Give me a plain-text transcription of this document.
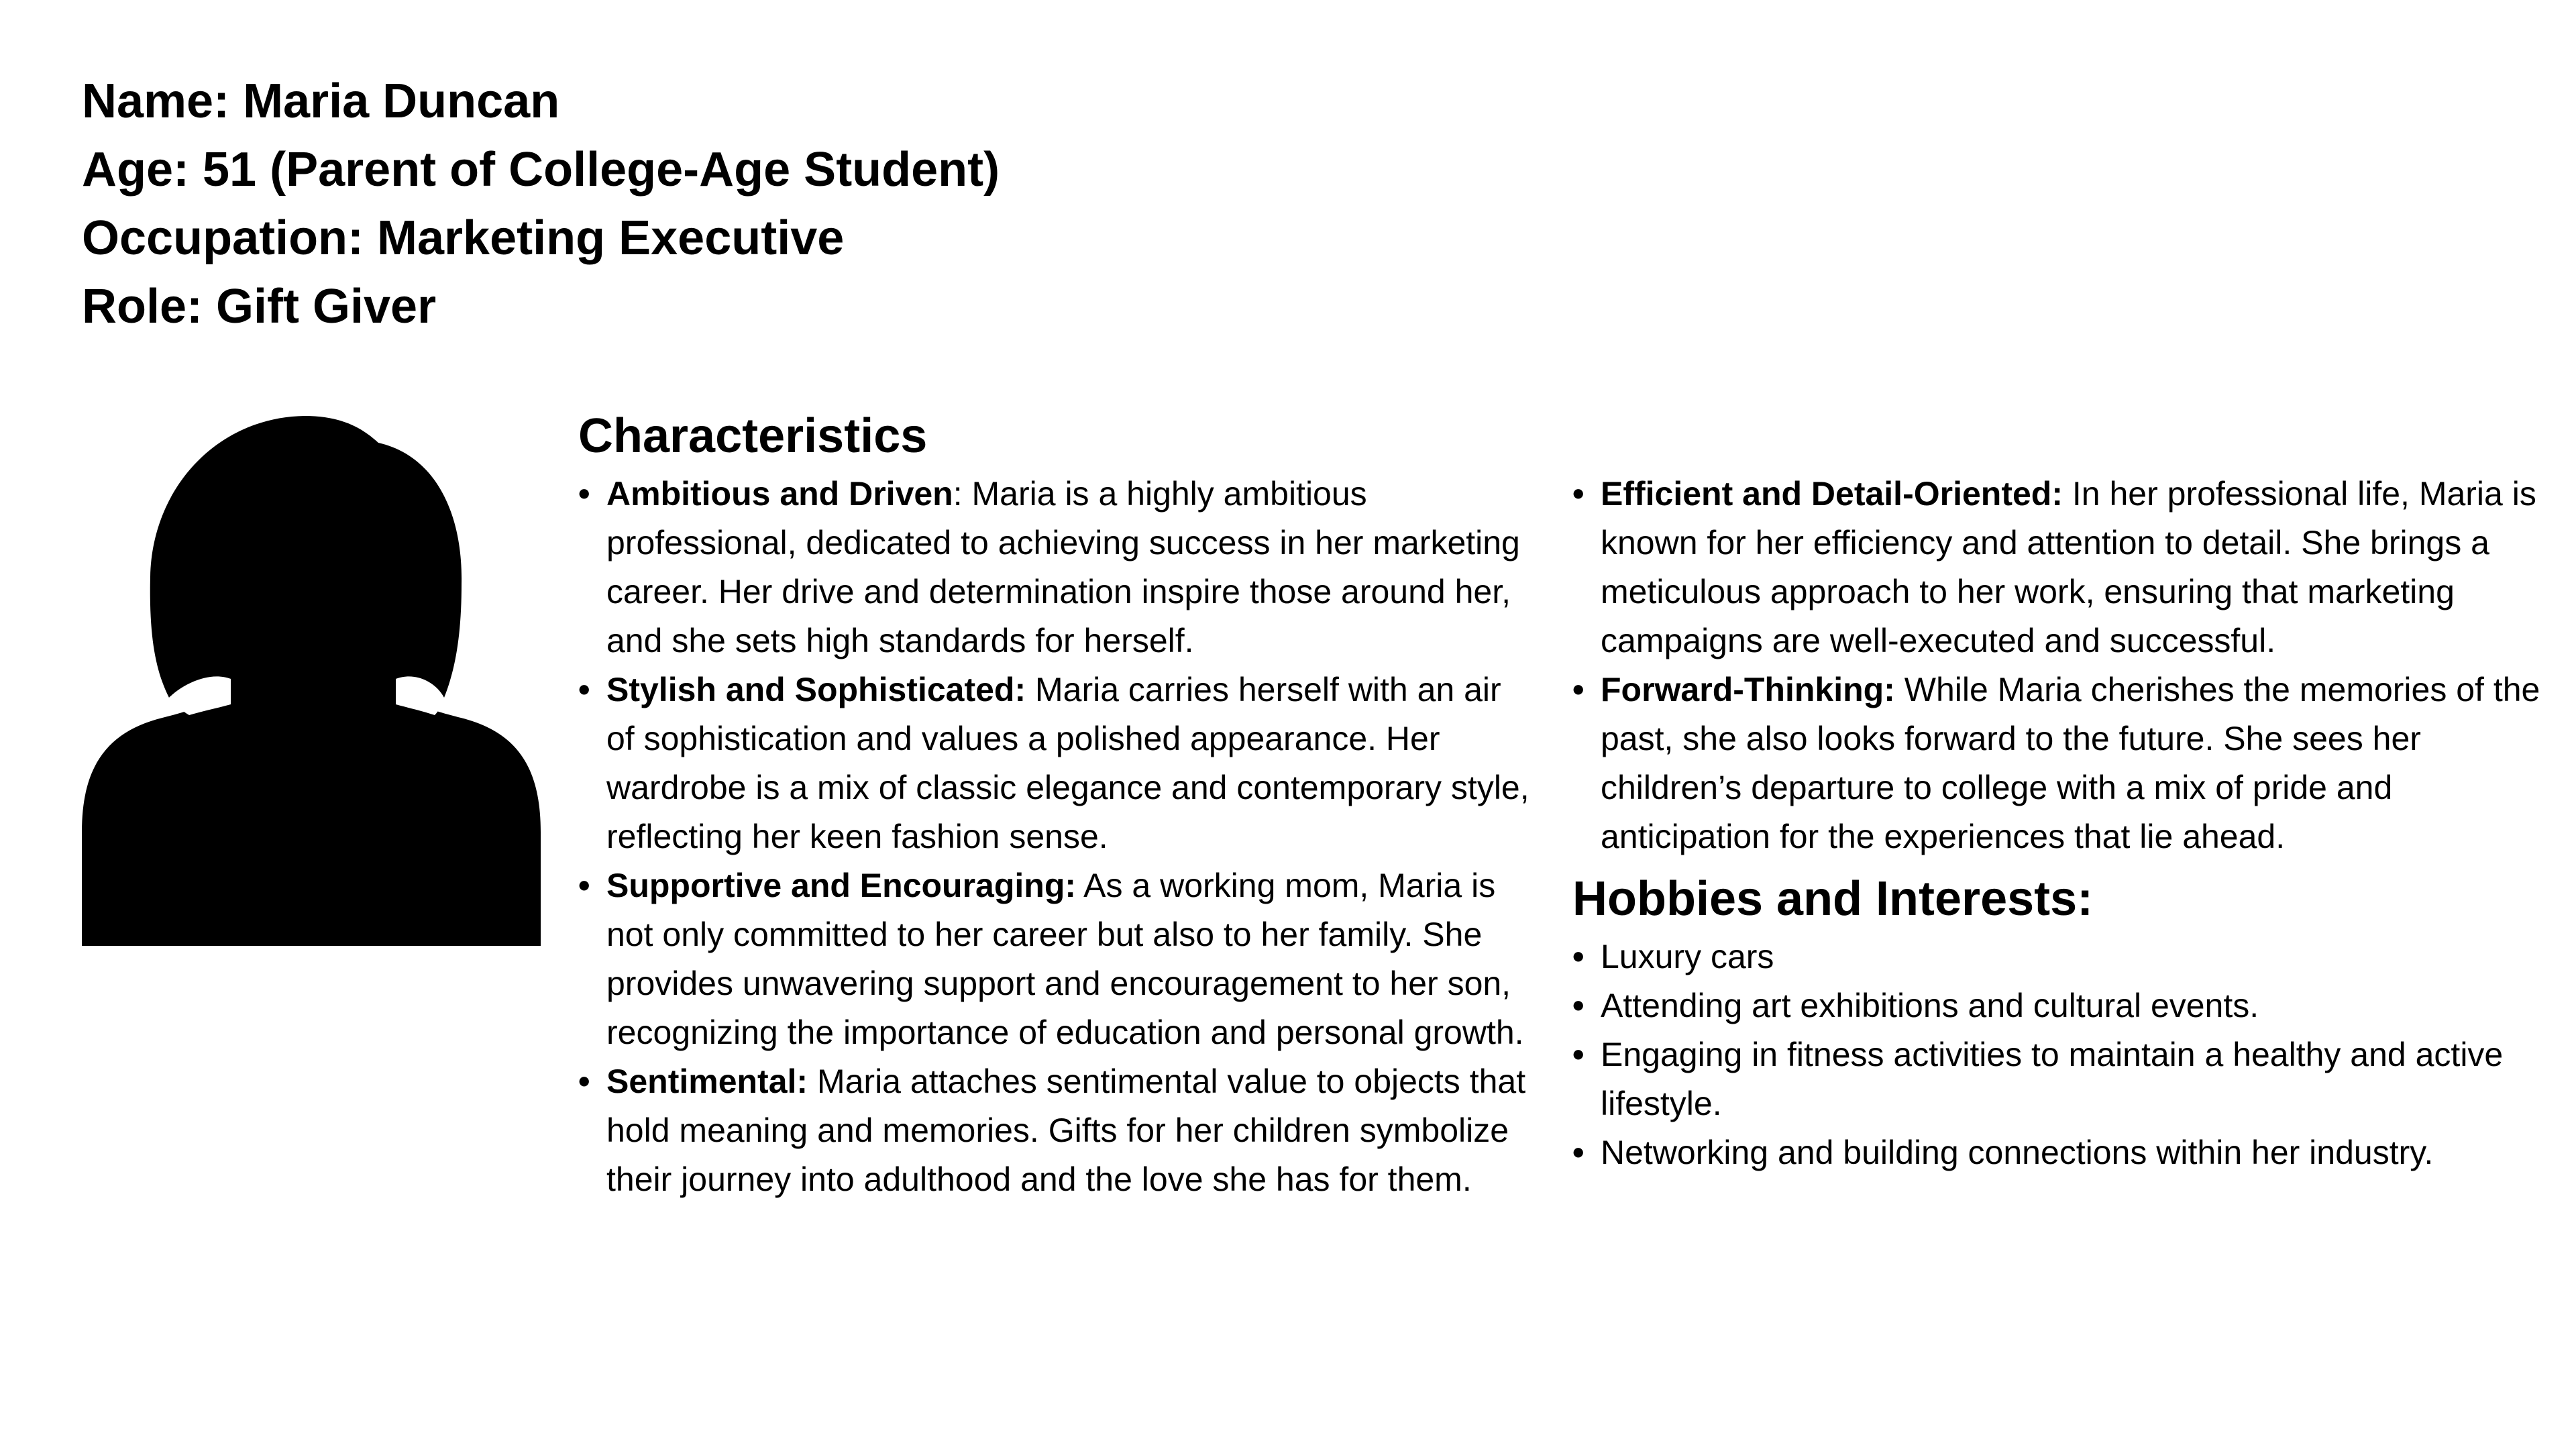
Name: Maria Duncan
Age: 51 (Parent of College-Age Student)
Occupation: Marketing Executive
Role: Gift Giver
Characteristics
• Ambitious and Driven: Maria is a highly ambitious professional, dedicated to achieving success in her marketing career. Her drive and determination inspire those around her, and she sets high standards for herself.
• Stylish and Sophisticated: Maria carries herself with an air of sophistication and values a polished appearance. Her wardrobe is a mix of classic elegance and contemporary style, reflecting her keen fashion sense.
• Supportive and Encouraging: As a working mom, Maria is not only committed to her career but also to her family. She provides unwavering support and encouragement to her son, recognizing the importance of education and personal growth.
• Sentimental: Maria attaches sentimental value to objects that hold meaning and memories. Gifts for her children symbolize their journey into adulthood and the love she has for them.
• Efficient and Detail-Oriented: In her professional life, Maria is known for her efficiency and attention to detail. She brings a meticulous approach to her work, ensuring that marketing campaigns are well-executed and successful.
• Forward-Thinking: While Maria cherishes the memories of the past, she also looks forward to the future. She sees her children’s departure to college with a mix of pride and anticipation for the experiences that lie ahead.
Hobbies and Interests:
• Luxury cars
• Attending art exhibitions and cultural events.
• Engaging in fitness activities to maintain a healthy and active lifestyle.
• Networking and building connections within her industry.
